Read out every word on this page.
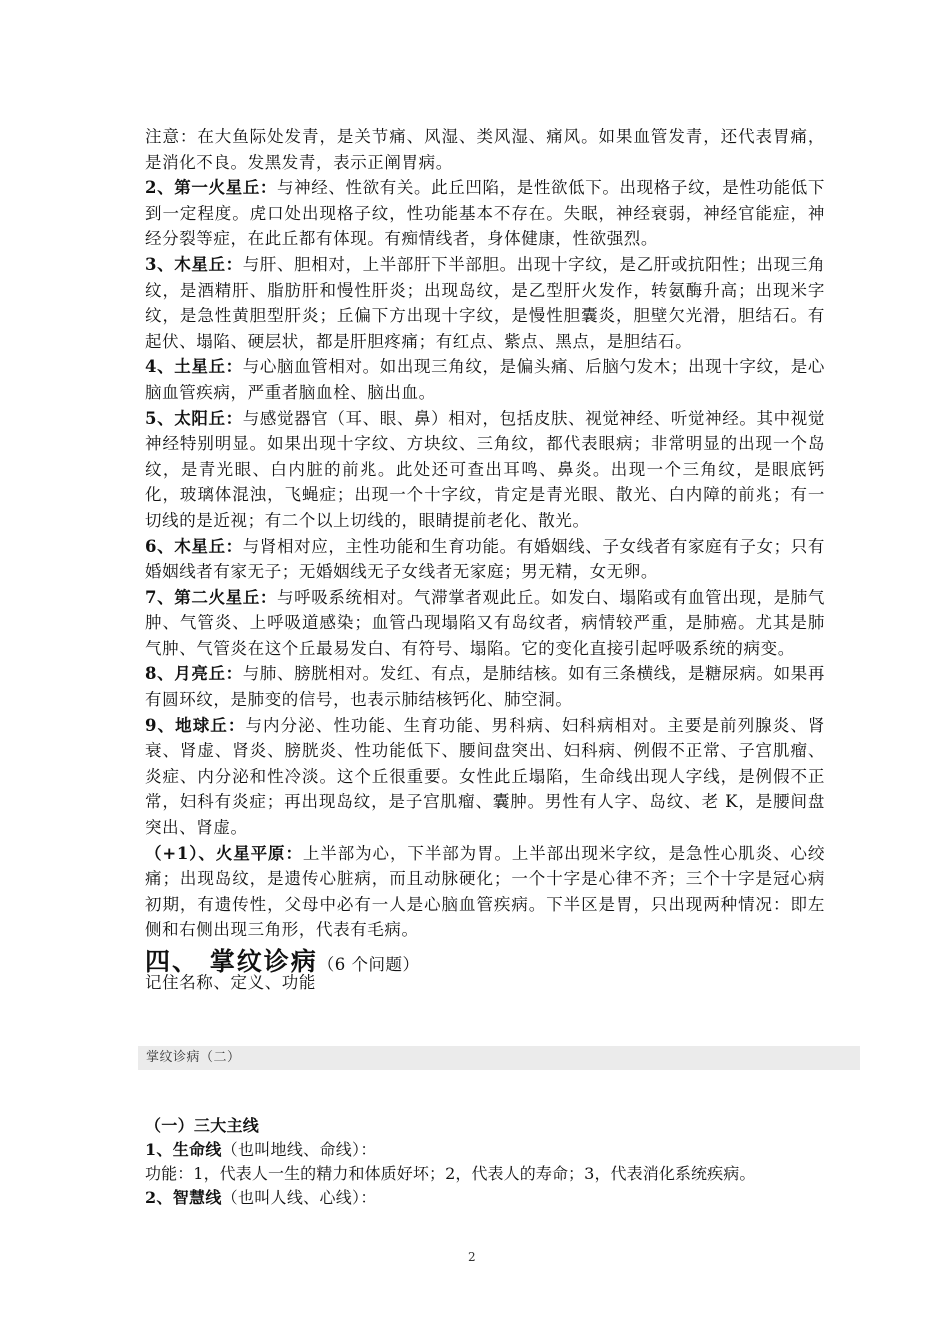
注意：在大鱼际处发青，是关节痛、风湿、类风湿、痛风。如果血管发青，还代表胃痛，是消化不良。发黑发青，表示正阐胃病。

2、第一火星丘：与神经、性欲有关。此丘凹陷，是性欲低下。出现格子纹，是性功能低下到一定程度。虎口处出现格子纹，性功能基本不存在。失眠，神经衰弱，神经官能症，神经分裂等症，在此丘都有体现。有痴情线者，身体健康，性欲强烈。

3、木星丘：与肝、胆相对，上半部肝下半部胆。出现十字纹，是乙肝或抗阳性；出现三角纹，是酒精肝、脂肪肝和慢性肝炎；出现岛纹，是乙型肝火发作，转氨酶升高；出现米字纹，是急性黄胆型肝炎；丘偏下方出现十字纹，是慢性胆囊炎，胆壁欠光滑，胆结石。有起伏、塌陷、硬层状，都是肝胆疼痛；有红点、紫点、黑点，是胆结石。

4、土星丘：与心脑血管相对。如出现三角纹，是偏头痛、后脑勺发木；出现十字纹，是心脑血管疾病，严重者脑血栓、脑出血。

5、太阳丘：与感觉器官（耳、眼、鼻）相对，包括皮肤、视觉神经、听觉神经。其中视觉神经特别明显。如果出现十字纹、方块纹、三角纹，都代表眼病；非常明显的出现一个岛纹，是青光眼、白内脏的前兆。此处还可查出耳鸣、鼻炎。出现一个三角纹，是眼底钙化，玻璃体混浊，飞蝇症；出现一个十字纹，肯定是青光眼、散光、白内障的前兆；有一切线的是近视；有二个以上切线的，眼睛提前老化、散光。

6、木星丘：与肾相对应，主性功能和生育功能。有婚姻线、子女线者有家庭有子女；只有婚姻线者有家无子；无婚姻线无子女线者无家庭；男无精，女无卵。

7、第二火星丘：与呼吸系统相对。气滞掌者观此丘。如发白、塌陷或有血管出现，是肺气肿、气管炎、上呼吸道感染；血管凸现塌陷又有岛纹者，病情较严重，是肺癌。尤其是肺气肿、气管炎在这个丘最易发白、有符号、塌陷。它的变化直接引起呼吸系统的病变。

8、月亮丘：与肺、膀胱相对。发红、有点，是肺结核。如有三条横线，是糖尿病。如果再有圆环纹，是肺变的信号，也表示肺结核钙化、肺空洞。

9、地球丘：与内分泌、性功能、生育功能、男科病、妇科病相对。主要是前列腺炎、肾衰、肾虚、肾炎、膀胱炎、性功能低下、腰间盘突出、妇科病、例假不正常、子宫肌瘤、炎症、内分泌和性冷淡。这个丘很重要。女性此丘塌陷，生命线出现人字线，是例假不正常，妇科有炎症；再出现岛纹，是子宫肌瘤、囊肿。男性有人字、岛纹、老 K，是腰间盘突出、肾虚。

（+1）、火星平原：上半部为心，下半部为胃。上半部出现米字纹，是急性心肌炎、心绞痛；出现岛纹，是遗传心脏病，而且动脉硬化；一个十字是心律不齐；三个十字是冠心病初期，有遗传性，父母中必有一人是心脑血管疾病。下半区是胃，只出现两种情况：即左侧和右侧出现三角形，代表有毛病。

四、 掌纹诊病（6 个问题）
记住名称、定义、功能
掌纹诊病（二）

（一）三大主线

1、生命线（也叫地线、命线）：

功能：1，代表人一生的精力和体质好坏；2，代表人的寿命；3，代表消化系统疾病。

2、智慧线（也叫人线、心线）：

2
